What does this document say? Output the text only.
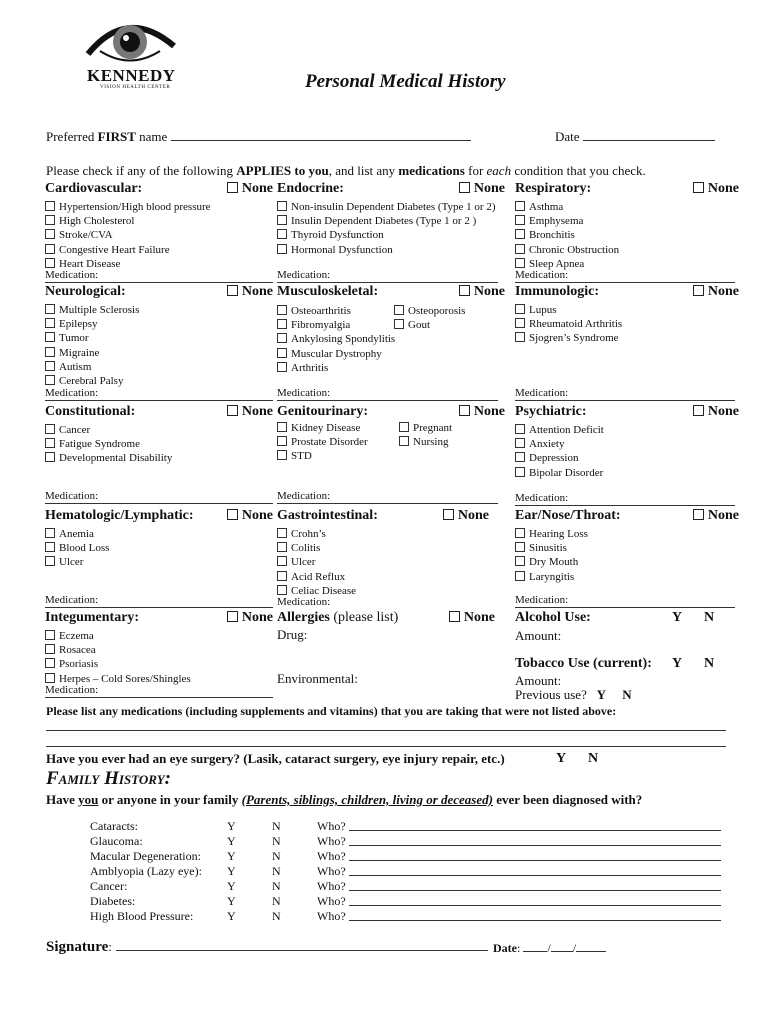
KENNEDY
VISION HEALTH CENTER	Personal Medical History
Preferred FIRST name	Date
Please check if any of the following APPLIES to you, and list any medications for each condition that you check.
Cardiovascular:	None
Hypertension/High blood pressure
High Cholesterol
Stroke/CVA
Congestive Heart Failure
Heart Disease
Medication:
Endocrine:	None
Non-insulin Dependent Diabetes (Type 1 or 2)
Insulin Dependent Diabetes (Type 1 or 2 )
Thyroid Dysfunction
Hormonal Dysfunction
Medication:
Respiratory:	None
Asthma
Emphysema
Bronchitis
Chronic Obstruction
Sleep Apnea
Medication:
Neurological:	None
Multiple Sclerosis
Epilepsy
Tumor
Migraine
Autism
Cerebral Palsy
Medication:
Musculoskeletal:	None
Osteoarthritis
Fibromyalgia
Ankylosing Spondylitis
Muscular Dystrophy
Arthritis
Osteoporosis
Gout
Medication:
Immunologic:	None
Lupus
Rheumatoid Arthritis
Sjogren’s Syndrome
Medication:
Constitutional:	None
Cancer
Fatigue Syndrome
Developmental Disability
Medication:
Genitourinary:	None
Kidney Disease
Prostate Disorder
STD
Pregnant
Nursing
Medication:
Psychiatric:	None
Attention Deficit
Anxiety
Depression
Bipolar Disorder
Medication:
Hematologic/Lymphatic:	None
Anemia
Blood Loss
Ulcer
Medication:
Gastrointestinal:	None
Crohn’s
Colitis
Ulcer
Acid Reflux
Celiac Disease
Medication:
Ear/Nose/Throat:	None
Hearing Loss
Sinusitis
Dry Mouth
Laryngitis
Medication:
Integumentary:	None
Eczema
Rosacea
Psoriasis
Herpes – Cold Sores/Shingles
Medication:
Allergies (please list)	None
Drug:
Environmental:
Alcohol Use:	Y N
Amount:
Tobacco Use (current): Y N
Amount:
Previous use? Y N
Please list any medications (including supplements and vitamins) that you are taking that were not listed above:
Have you ever had an eye surgery? (Lasik, cataract surgery, eye injury repair, etc.)	Y N
Family History:
Have you or anyone in your family (Parents, siblings, children, living or deceased) ever been diagnosed with?
Cataracts:	Y	N	Who?
Glaucoma:	Y	N	Who?
Macular Degeneration: Y	N	Who?
Amblyopia (Lazy eye): Y	N	Who?
Cancer:	Y	N	Who?
Diabetes:	Y	N	Who?
High Blood Pressure:	Y	N	Who?
Signature:	Date: / /
